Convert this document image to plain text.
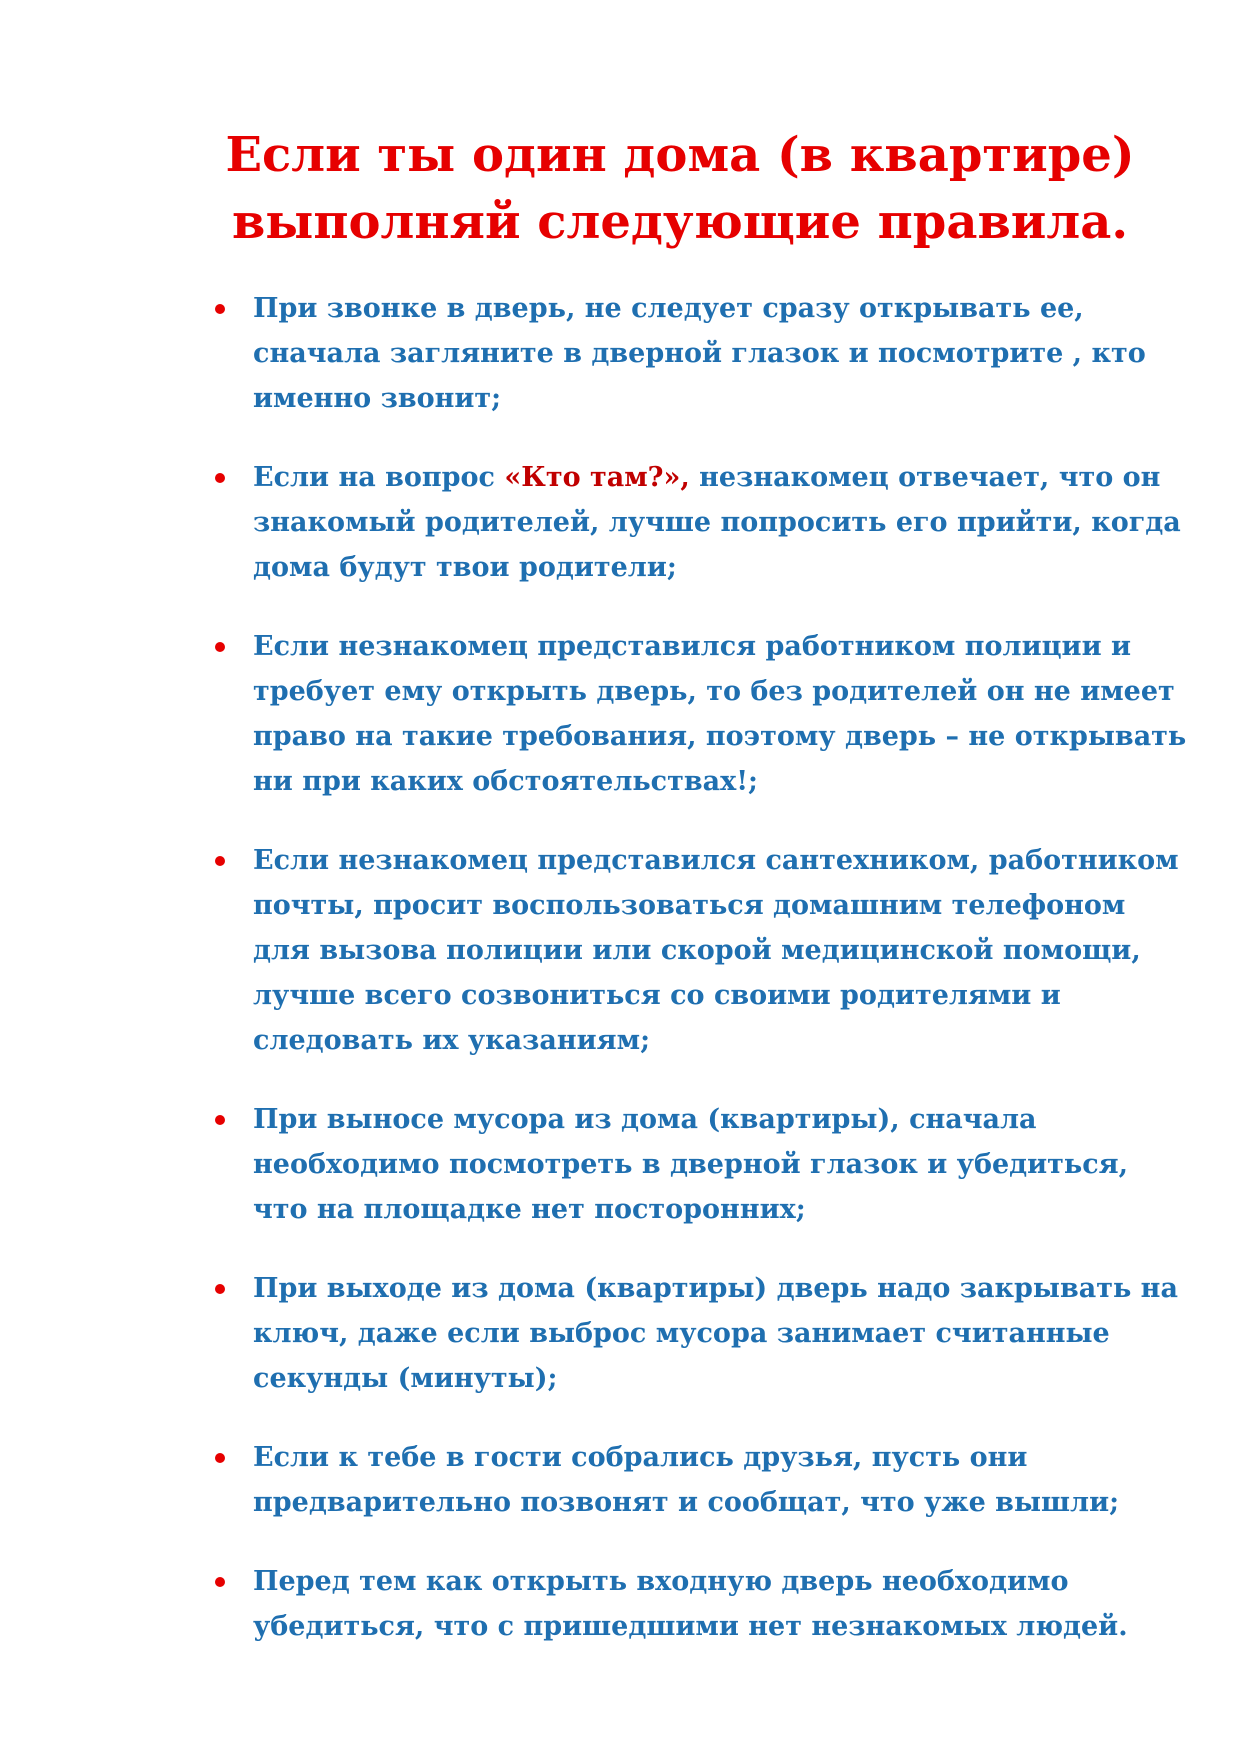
Если ты один дома (в квартире)
выполняй следующие правила.
При звонке в дверь, не следует сразу открывать ее,
сначала загляните в дверной глазок и посмотрите , кто
именно звонит;
Если на вопрос «Кто там?», незнакомец отвечает, что он
знакомый родителей, лучше попросить его прийти, когда
дома будут твои родители;
Если незнакомец представился работником полиции и
требует ему открыть дверь, то без родителей он не имеет
право на такие требования, поэтому дверь – не открывать
ни при каких обстоятельствах!;
Если незнакомец представился сантехником, работником
почты, просит воспользоваться домашним телефоном
для вызова полиции или скорой медицинской помощи,
лучше всего созвониться со своими родителями и
следовать их указаниям;
При выносе мусора из дома (квартиры), сначала
необходимо посмотреть в дверной глазок и убедиться,
что на площадке нет посторонних;
При выходе из дома (квартиры) дверь надо закрывать на
ключ, даже если выброс мусора занимает считанные
секунды (минуты);
Если к тебе в гости собрались друзья, пусть они
предварительно позвонят и сообщат, что уже вышли;
Перед тем как открыть входную дверь необходимо
убедиться, что с пришедшими нет незнакомых людей.
